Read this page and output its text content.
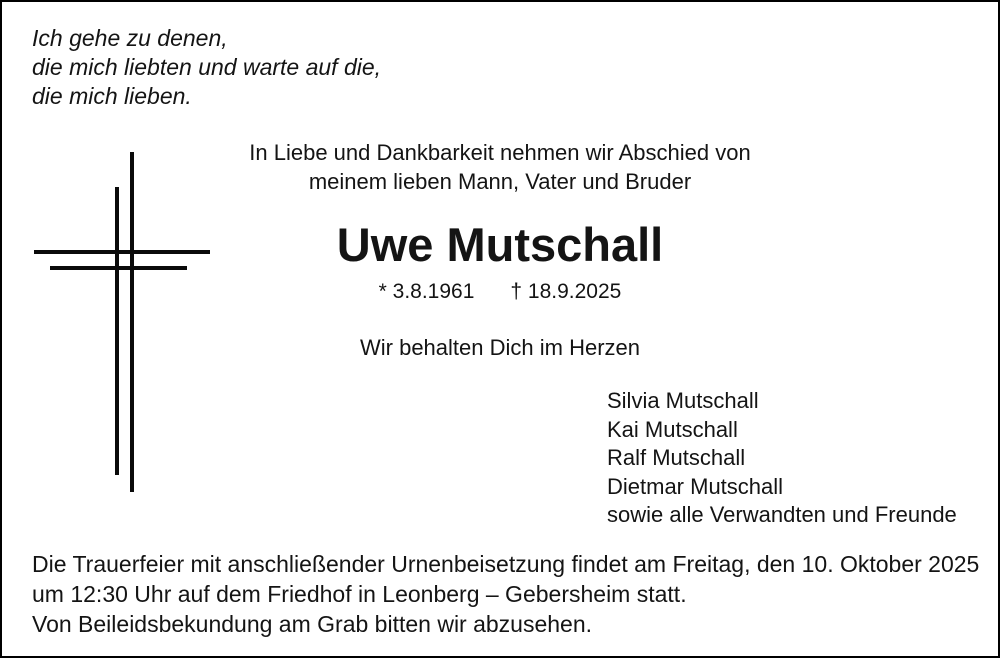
Ich gehe zu denen,
die mich liebten und warte auf die,
die mich lieben.
In Liebe und Dankbarkeit nehmen wir Abschied von
meinem lieben Mann, Vater und Bruder
Uwe Mutschall
* 3.8.1961 † 18.9.2025
Wir behalten Dich im Herzen
Silvia Mutschall
Kai Mutschall
Ralf Mutschall
Dietmar Mutschall
sowie alle Verwandten und Freunde
Die Trauerfeier mit anschließender Urnenbeisetzung findet am Freitag, den 10. Oktober 2025
um 12:30 Uhr auf dem Friedhof in Leonberg – Gebersheim statt.
Von Beileidsbekundung am Grab bitten wir abzusehen.
